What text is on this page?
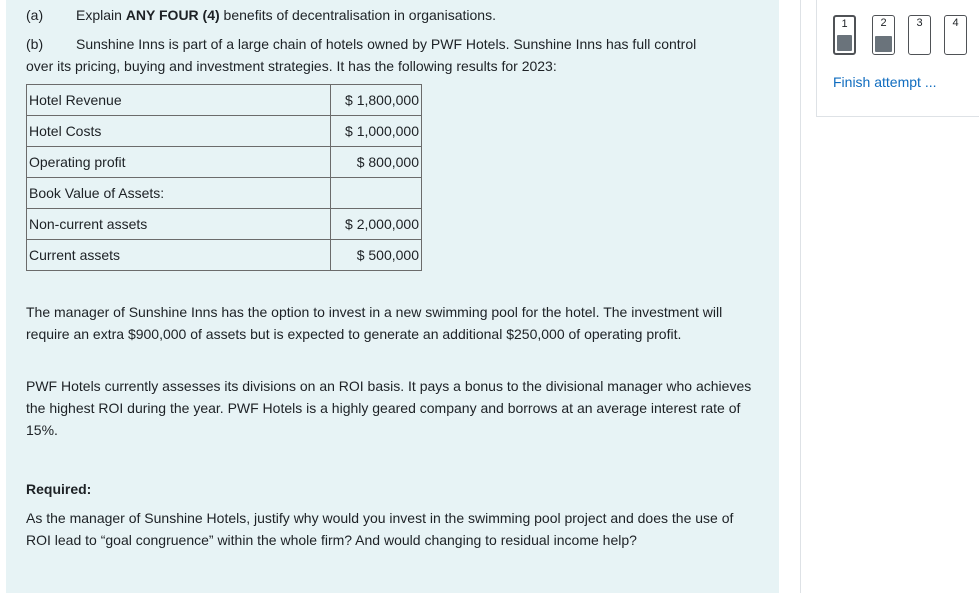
(a) Explain ANY FOUR (4) benefits of decentralisation in organisations.
(b) Sunshine Inns is part of a large chain of hotels owned by PWF Hotels. Sunshine Inns has full control
over its pricing, buying and investment strategies. It has the following results for 2023:
Hotel Revenue	$ 1,800,000
Hotel Costs	$ 1,000,000
Operating profit	$ 800,000
Book Value of Assets:	
Non-current assets	$ 2,000,000
Current assets	$ 500,000
The manager of Sunshine Inns has the option to invest in a new swimming pool for the hotel. The investment will require an extra $900,000 of assets but is expected to generate an additional $250,000 of operating profit.
PWF Hotels currently assesses its divisions on an ROI basis. It pays a bonus to the divisional manager who achieves the highest ROI during the year. PWF Hotels is a highly geared company and borrows at an average interest rate of 15%.
Required:
As the manager of Sunshine Hotels, justify why would you invest in the swimming pool project and does the use of ROI lead to “goal congruence” within the whole firm? And would changing to residual income help?
1	2	3	4
Finish attempt ...
